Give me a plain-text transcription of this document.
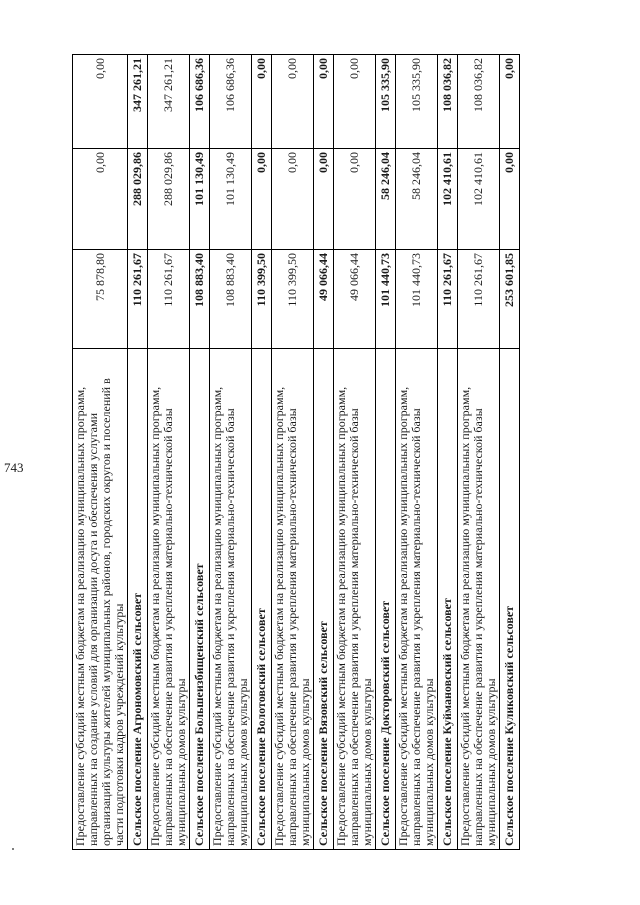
743	Предоставление субсидий местным бюджетам на реализацию муниципальных программ, направленных на создание условий для организации досуга и обеспечения услугами организаций культуры жителей муниципальных районов, городских округов и поселений в части подготовки кадров учреждений культуры	75 878,80	0,00	0,00
Сельское поселение Агрономовский сельсовет	110 261,67	288 029,86	347 261,21
Предоставление субсидий местным бюджетам на реализацию муниципальных программ, направленных на обеспечение развития и укрепления материально-технической базы муниципальных домов культуры	110 261,67	288 029,86	347 261,21
Сельское поселение Большеизбищенский сельсовет	108 883,40	101 130,49	106 686,36
Предоставление субсидий местным бюджетам на реализацию муниципальных программ, направленных на обеспечение развития и укрепления материально-технической базы муниципальных домов культуры	108 883,40	101 130,49	106 686,36
Сельское поселение Волотовский сельсовет	110 399,50	0,00	0,00
Предоставление субсидий местным бюджетам на реализацию муниципальных программ, направленных на обеспечение развития и укрепления материально-технической базы муниципальных домов культуры	110 399,50	0,00	0,00
Сельское поселение Вязовский сельсовет	49 066,44	0,00	0,00
Предоставление субсидий местным бюджетам на реализацию муниципальных программ, направленных на обеспечение развития и укрепления материально-технической базы муниципальных домов культуры	49 066,44	0,00	0,00
Сельское поселение Докторовский сельсовет	101 440,73	58 246,04	105 335,90
Предоставление субсидий местным бюджетам на реализацию муниципальных программ, направленных на обеспечение развития и укрепления материально-технической базы муниципальных домов культуры	101 440,73	58 246,04	105 335,90
Сельское поселение Куймановский сельсовет	110 261,67	102 410,61	108 036,82
Предоставление субсидий местным бюджетам на реализацию муниципальных программ, направленных на обеспечение развития и укрепления материально-технической базы муниципальных домов культуры	110 261,67	102 410,61	108 036,82
Сельское поселение Куликовский сельсовет	253 601,85	0,00	0,00
